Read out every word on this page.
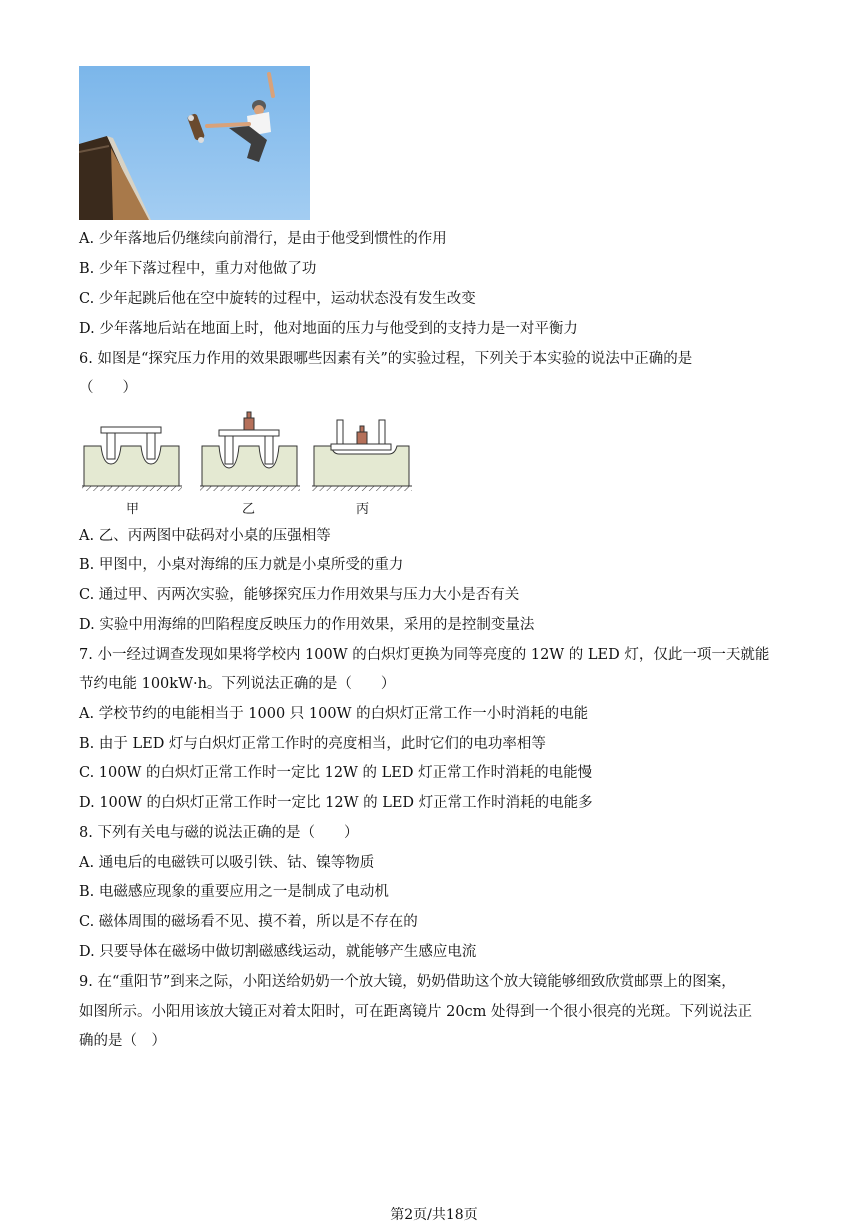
A. 少年落地后仍继续向前滑行，是由于他受到惯性的作用
B. 少年下落过程中，重力对他做了功
C. 少年起跳后他在空中旋转的过程中，运动状态没有发生改变
D. 少年落地后站在地面上时，他对地面的压力与他受到的支持力是一对平衡力
6. 如图是“探究压力作用的效果跟哪些因素有关”的实验过程，下列关于本实验的说法中正确的是
（　　）
甲	乙	丙
A. 乙、丙两图中砝码对小桌的压强相等
B. 甲图中，小桌对海绵的压力就是小桌所受的重力
C. 通过甲、丙两次实验，能够探究压力作用效果与压力大小是否有关
D. 实验中用海绵的凹陷程度反映压力的作用效果，采用的是控制变量法
7. 小一经过调查发现如果将学校内 100W 的白炽灯更换为同等亮度的 12W 的 LED 灯，仅此一项一天就能
节约电能 100kW·h。下列说法正确的是（　　）
A. 学校节约的电能相当于 1000 只 100W 的白炽灯正常工作一小时消耗的电能
B. 由于 LED 灯与白炽灯正常工作时的亮度相当，此时它们的电功率相等
C. 100W 的白炽灯正常工作时一定比 12W 的 LED 灯正常工作时消耗的电能慢
D. 100W 的白炽灯正常工作时一定比 12W 的 LED 灯正常工作时消耗的电能多
8. 下列有关电与磁的说法正确的是（　　）
A. 通电后的电磁铁可以吸引铁、钴、镍等物质
B. 电磁感应现象的重要应用之一是制成了电动机
C. 磁体周围的磁场看不见、摸不着，所以是不存在的
D. 只要导体在磁场中做切割磁感线运动，就能够产生感应电流
9. 在“重阳节”到来之际，小阳送给奶奶一个放大镜，奶奶借助这个放大镜能够细致欣赏邮票上的图案，
如图所示。小阳用该放大镜正对着太阳时，可在距离镜片 20cm 处得到一个很小很亮的光斑。下列说法正
确的是（　）
第2页/共18页
